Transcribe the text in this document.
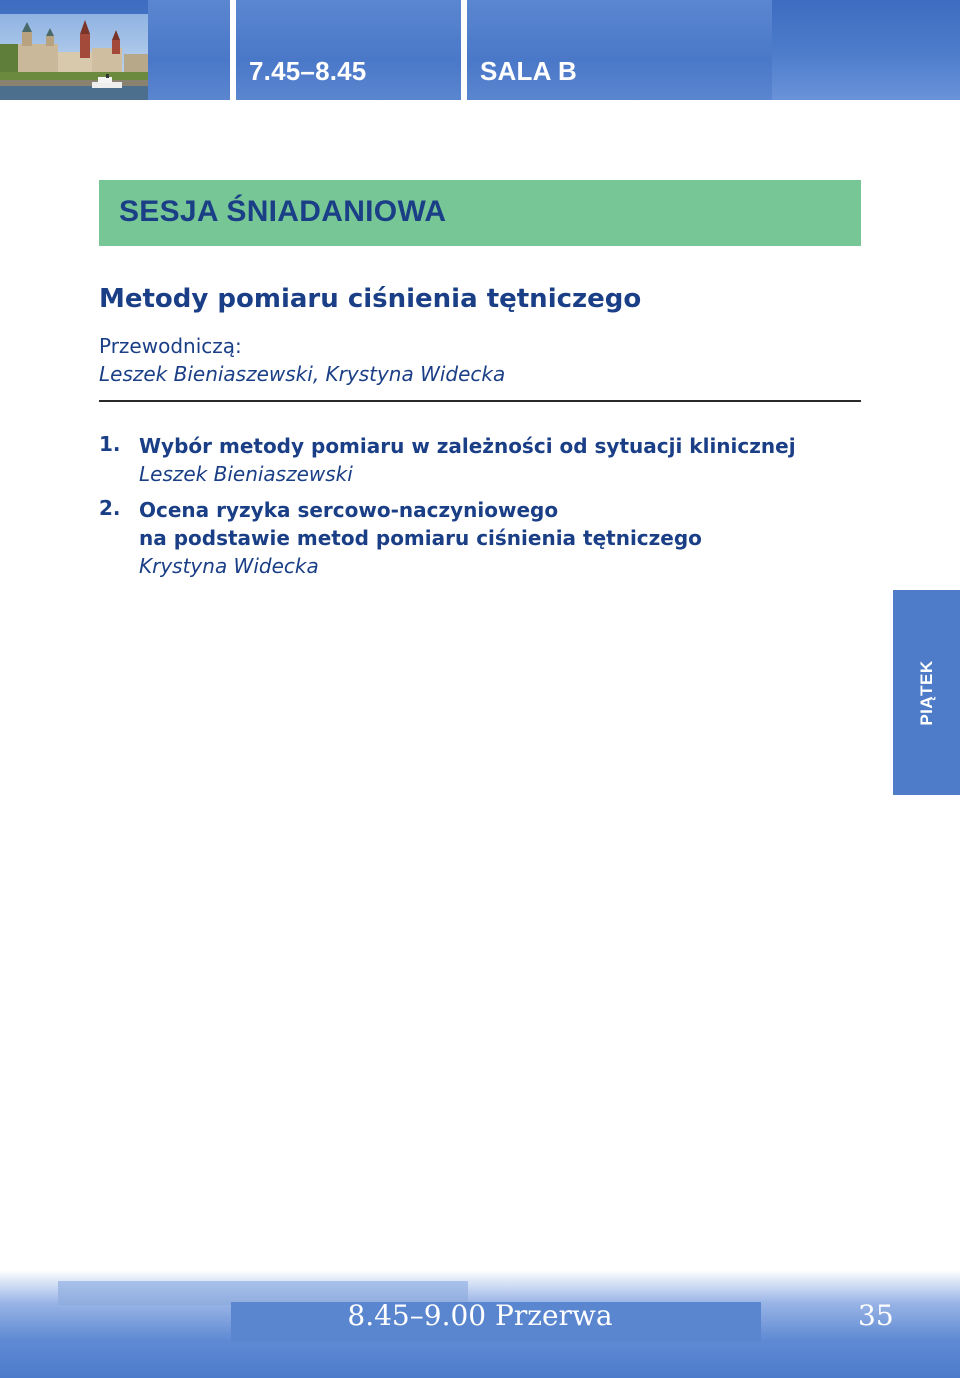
7.45–8.45	SALA B
SESJA ŚNIADANIOWA
Metody pomiaru ciśnienia tętniczego
Przewodniczą:
Leszek Bieniaszewski, Krystyna Widecka
1. Wybór metody pomiaru w zależności od sytuacji klinicznej

Leszek Bieniaszewski

2. Ocena ryzyka sercowo-naczyniowego

na podstawie metod pomiaru ciśnienia tętniczego

Krystyna Widecka

PIĄTEK
8.45–9.00 Przerwa	35
